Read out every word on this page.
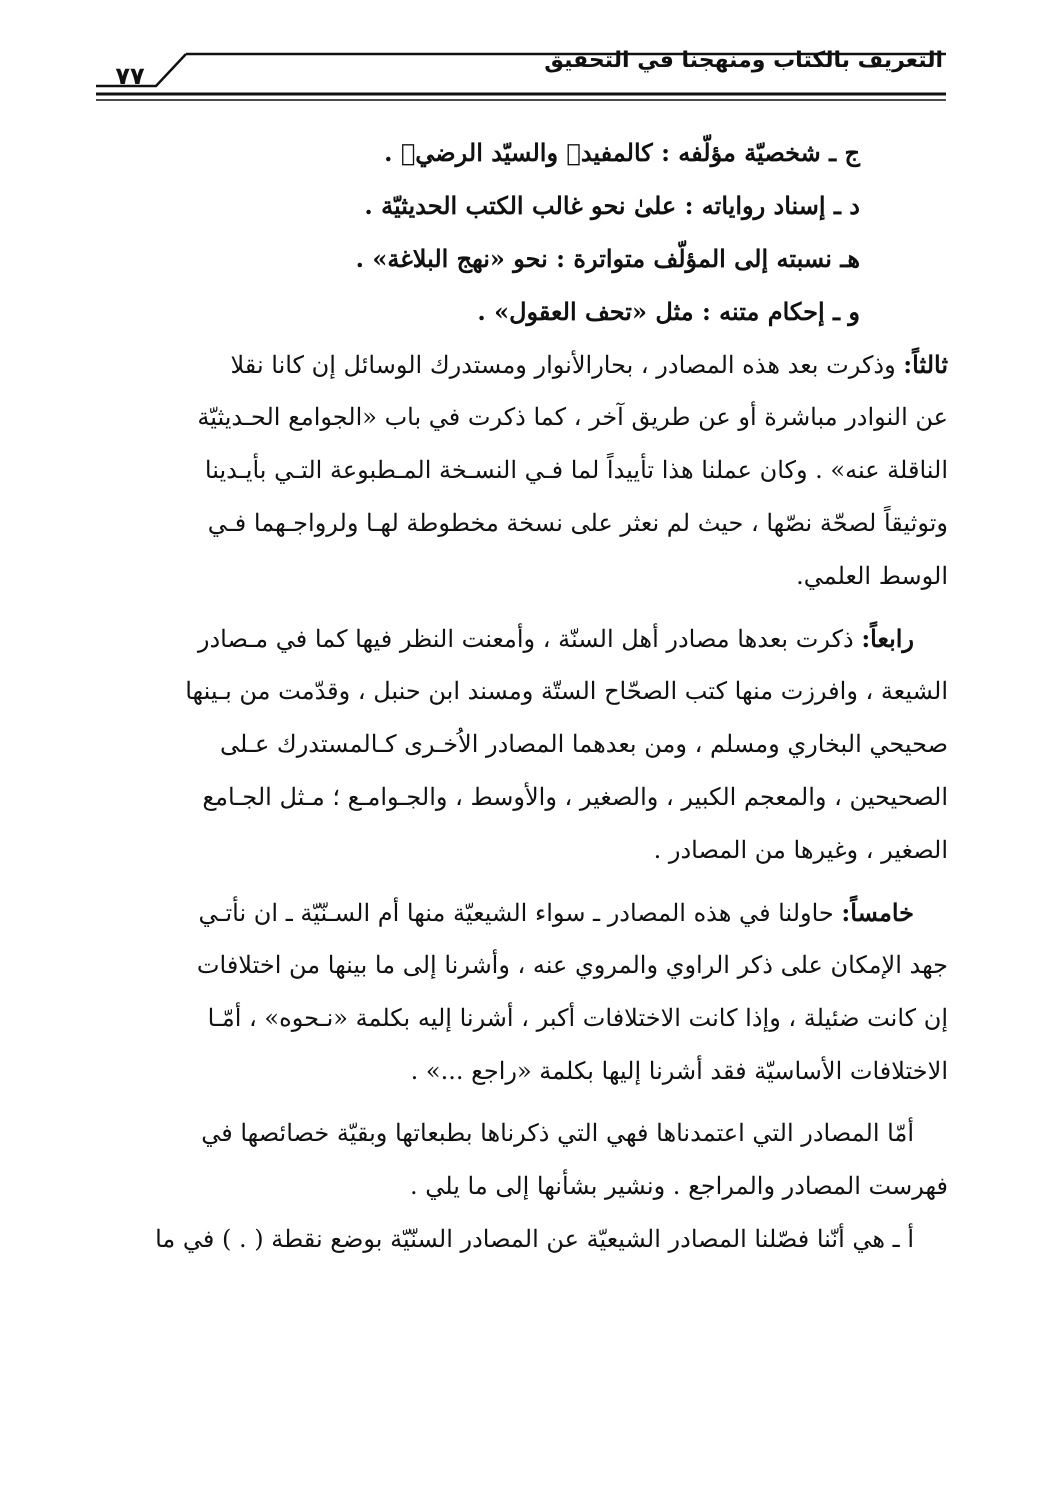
التعريف بالكتاب ومنهجنا في التحقيق
٧٧
ج ـ شخصيّة مؤلّفه : كالمفيد﷫ والسيّد الرضي﷫ .
د ـ إسناد رواياته : علىٰ نحو غالب الكتب الحديثيّة .
هـ نسبته إلى المؤلّف متواترة : نحو «نهج البلاغة» .
و ـ إحكام متنه : مثل «تحف العقول» .
ثالثاً: وذكرت بعد هذه المصادر ، بحارالأنوار ومستدرك الوسائل إن كانا نقلا
عن النوادر مباشرة أو عن طريق آخر ، كما ذكرت في باب «الجوامع الحـديثيّة
الناقلة عنه» . وكان عملنا هذا تأييداً لما فـي النسـخة المـطبوعة التـي بأيـدينا
وتوثيقاً لصحّة نصّها ، حيث لم نعثر على نسخة مخطوطة لهـا ولرواجـهما فـي
الوسط العلمي.
رابعاً: ذكرت بعدها مصادر أهل السنّة ، وأمعنت النظر فيها كما في مـصادر
الشيعة ، وافرزت منها كتب الصحّاح الستّة ومسند ابن حنبل ، وقدّمت من بـينها
صحيحي البخاري ومسلم ، ومن بعدهما المصادر الاُخـرى كـالمستدرك عـلى
الصحيحين ، والمعجم الكبير ، والصغير ، والأوسط ، والجـوامـع ؛ مـثل الجـامع
الصغير ، وغيرها من المصادر .
خامساً: حاولنا في هذه المصادر ـ سواء الشيعيّة منها أم السـنّيّة ـ ان نأتـي
جهد الإمكان على ذكر الراوي والمروي عنه ، وأشرنا إلى ما بينها من اختلافات
إن كانت ضئيلة ، وإذا كانت الاختلافات أكبر ، أشرنا إليه بكلمة «نـحوه» ، أمّـا
الاختلافات الأساسيّة فقد أشرنا إليها بكلمة «راجع ...» .
أمّا المصادر التي اعتمدناها فهي التي ذكرناها بطبعاتها وبقيّة خصائصها في
فهرست المصادر والمراجع . ونشير بشأنها إلى ما يلي .
أ ـ هي أنّنا فصّلنا المصادر الشيعيّة عن المصادر السنّيّة بوضع نقطة ( . ) في ما
